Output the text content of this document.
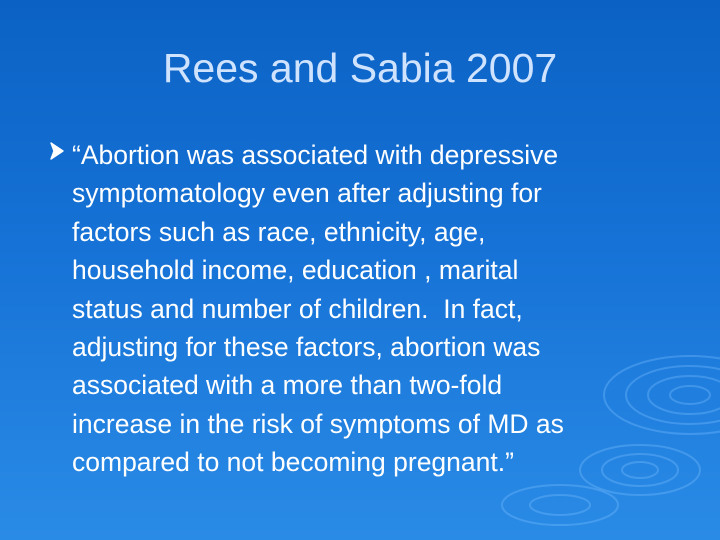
Rees and Sabia 2007
“Abortion was associated with depressive
symptomatology even after adjusting for
factors such as race, ethnicity, age,
household income, education , marital
status and number of children.  In fact,
adjusting for these factors, abortion was
associated with a more than two-fold
increase in the risk of symptoms of MD as
compared to not becoming pregnant.”
